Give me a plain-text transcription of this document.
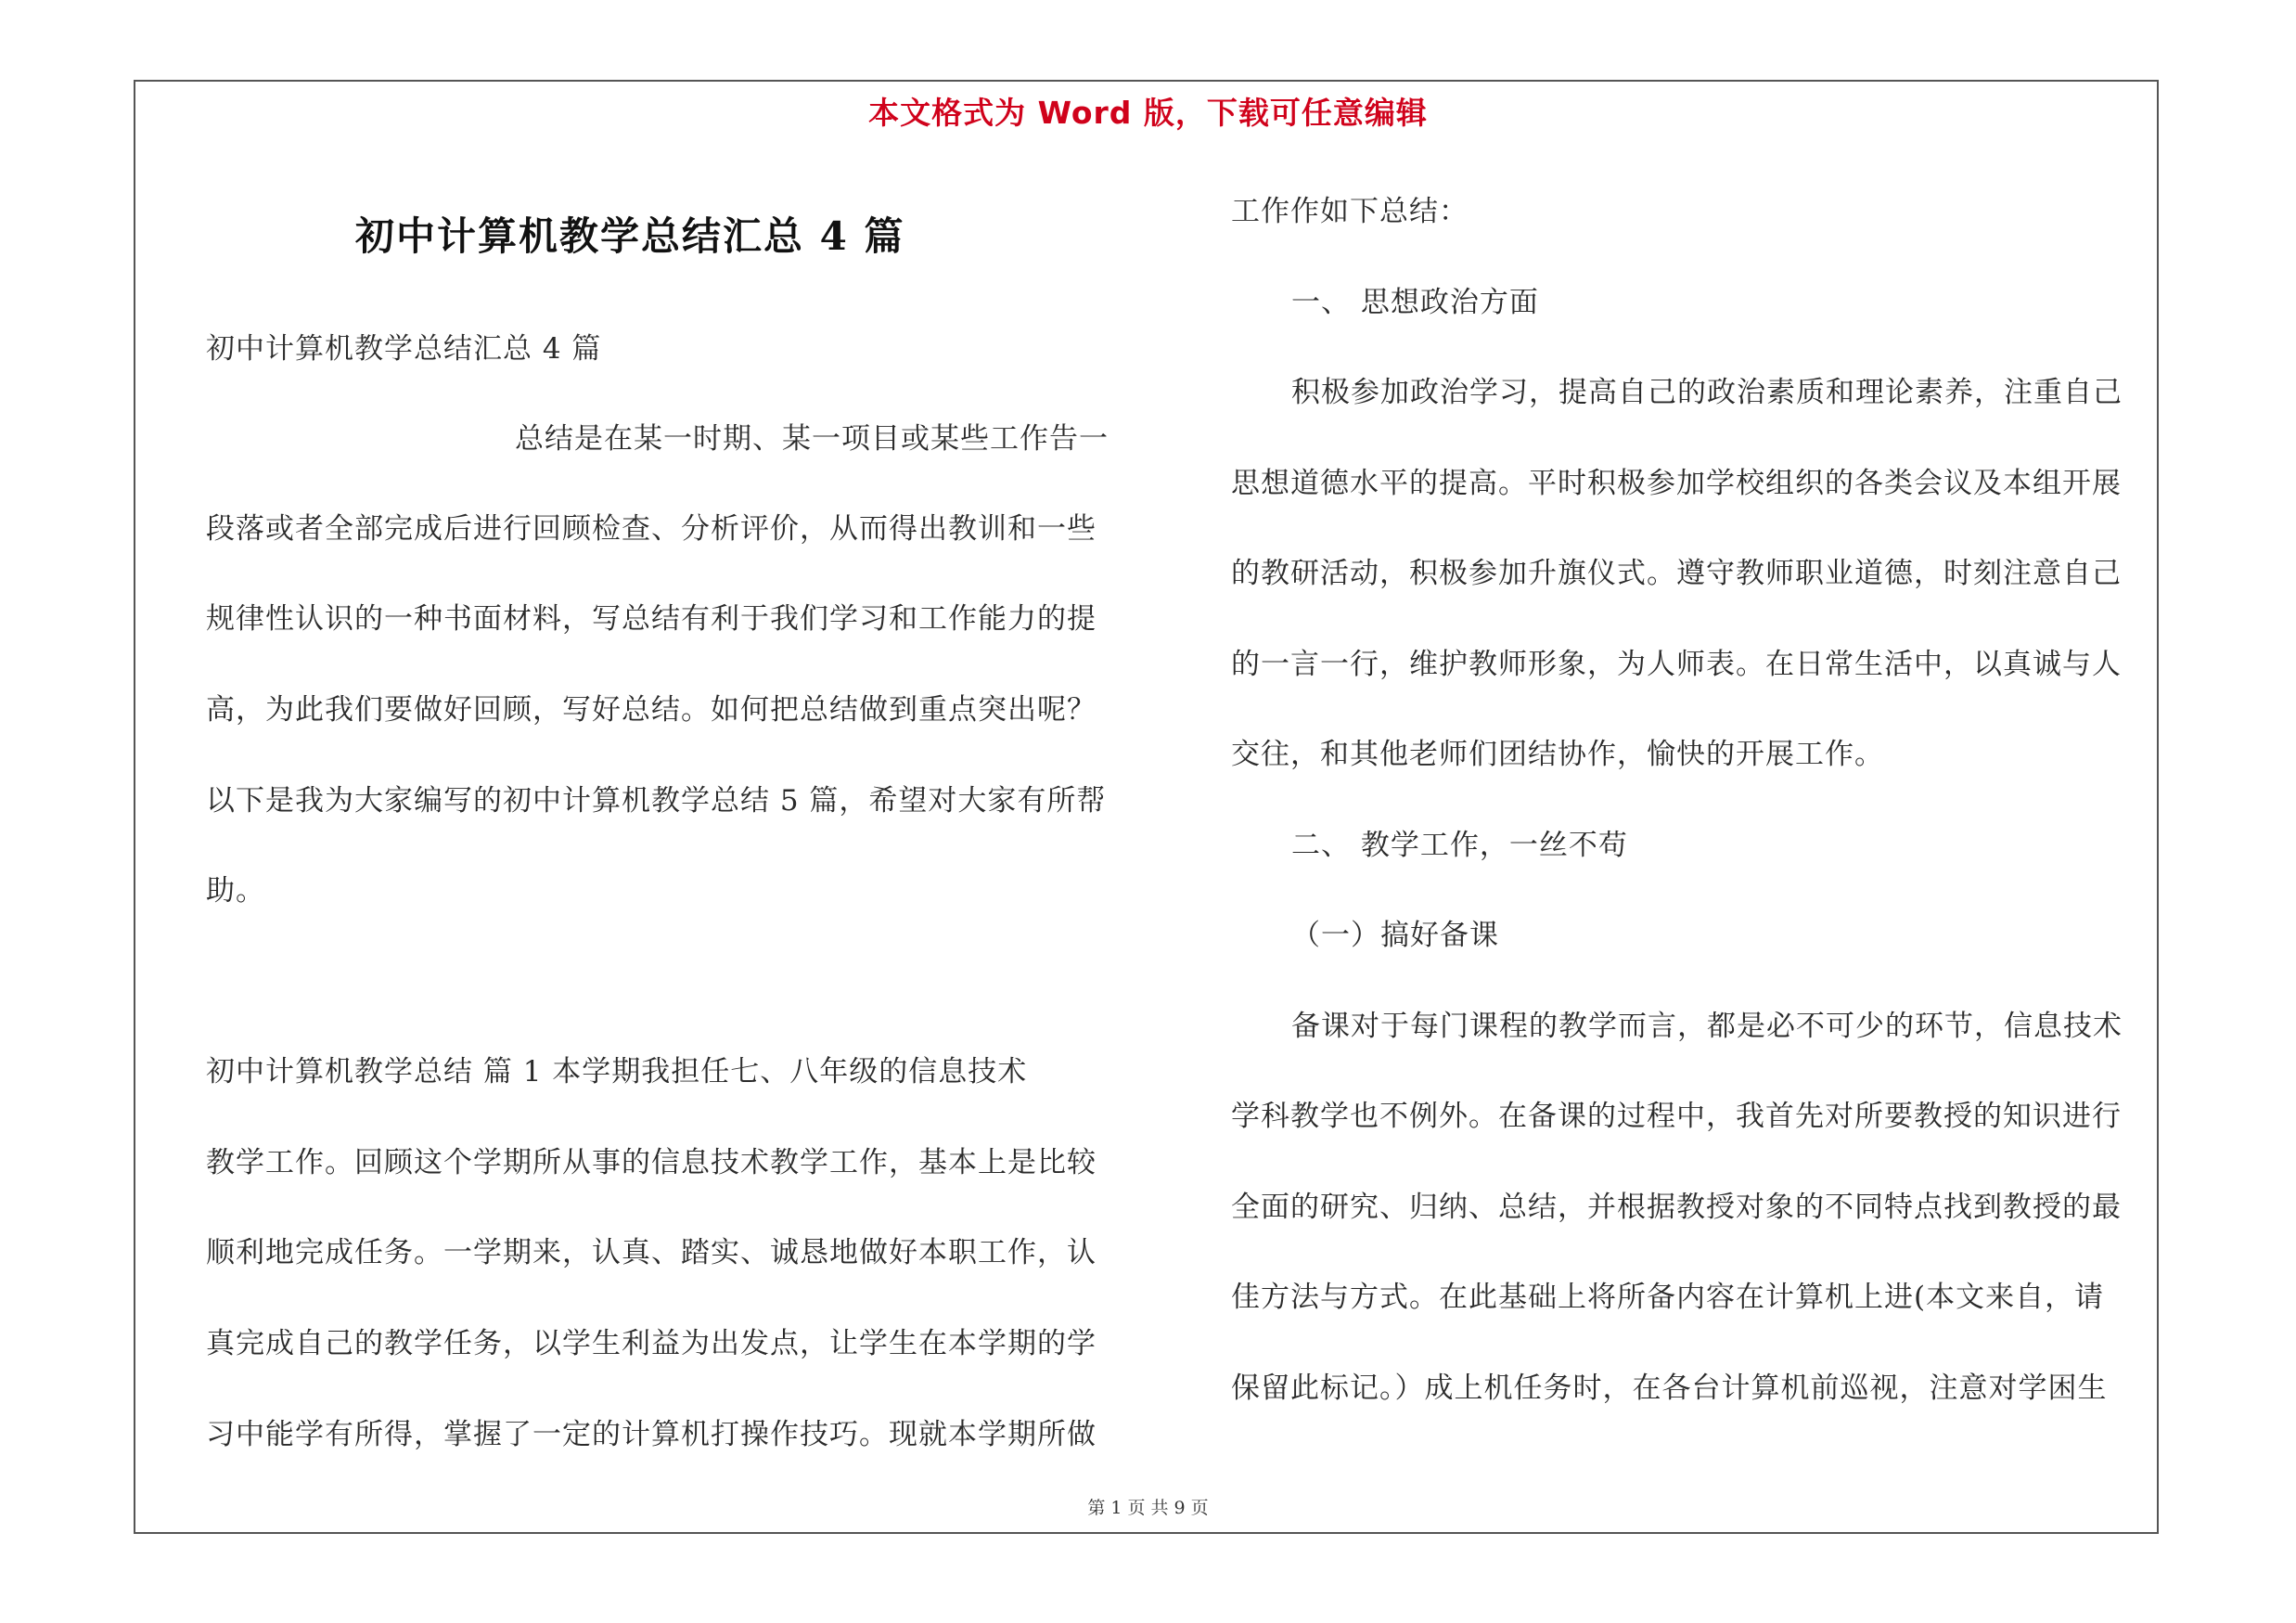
本文格式为 Word 版，下载可任意编辑
初中计算机教学总结汇总 4 篇
初中计算机教学总结汇总 4 篇
总结是在某一时期、某一项目或某些工作告一
段落或者全部完成后进行回顾检查、分析评价，从而得出教训和一些
规律性认识的一种书面材料，写总结有利于我们学习和工作能力的提
高，为此我们要做好回顾，写好总结。如何把总结做到重点突出呢？
以下是我为大家编写的初中计算机教学总结 5 篇，希望对大家有所帮
助。
初中计算机教学总结 篇 1 本学期我担任七、八年级的信息技术
教学工作。回顾这个学期所从事的信息技术教学工作，基本上是比较
顺利地完成任务。一学期来，认真、踏实、诚恳地做好本职工作，认
真完成自己的教学任务，以学生利益为出发点，让学生在本学期的学
习中能学有所得，掌握了一定的计算机打操作技巧。现就本学期所做
工作作如下总结：
一、 思想政治方面
积极参加政治学习，提高自己的政治素质和理论素养，注重自己
思想道德水平的提高。平时积极参加学校组织的各类会议及本组开展
的教研活动，积极参加升旗仪式。遵守教师职业道德，时刻注意自己
的一言一行，维护教师形象，为人师表。在日常生活中，以真诚与人
交往，和其他老师们团结协作，愉快的开展工作。
二、 教学工作，一丝不苟
（一）搞好备课
备课对于每门课程的教学而言，都是必不可少的环节，信息技术
学科教学也不例外。在备课的过程中，我首先对所要教授的知识进行
全面的研究、归纳、总结，并根据教授对象的不同特点找到教授的最
佳方法与方式。在此基础上将所备内容在计算机上进(本文来自，请
保留此标记。）成上机任务时，在各台计算机前巡视，注意对学困生
第 1 页 共 9 页
